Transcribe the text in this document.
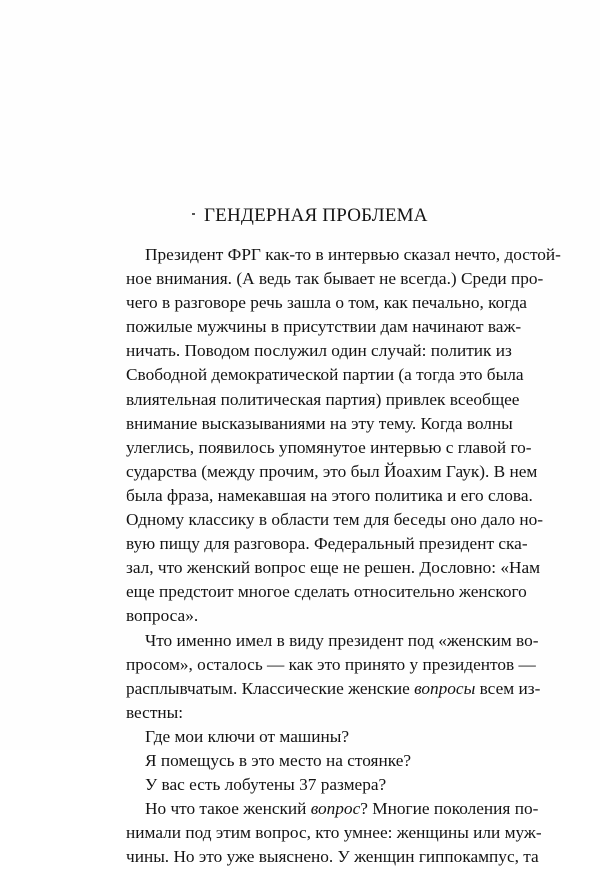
ГЕНДЕРНАЯ ПРОБЛЕМА
Президент ФРГ как-то в интервью сказал нечто, достой-
ное внимания. (А ведь так бывает не всегда.) Среди про-
чего в разговоре речь зашла о том, как печально, когда
пожилые мужчины в присутствии дам начинают важ-
ничать. Поводом послужил один случай: политик из
Свободной демократической партии (а тогда это была
влиятельная политическая партия) привлек всеобщее
внимание высказываниями на эту тему. Когда волны
улеглись, появилось упомянутое интервью с главой го-
сударства (между прочим, это был Йоахим Гаук). В нем
была фраза, намекавшая на этого политика и его слова.
Одному классику в области тем для беседы оно дало но-
вую пищу для разговора. Федеральный президент ска-
зал, что женский вопрос еще не решен. Дословно: «Нам
еще предстоит многое сделать относительно женского
вопроса».
Что именно имел в виду президент под «женским во-
просом», осталось — как это принято у президентов —
расплывчатым. Классические женские вопросы всем из-
вестны:
Где мои ключи от машины?
Я помещусь в это место на стоянке?
У вас есть лобутены 37 размера?
Но что такое женский вопрос? Многие поколения по-
нимали под этим вопрос, кто умнее: женщины или муж-
чины. Но это уже выяснено. У женщин гиппокампус, та
